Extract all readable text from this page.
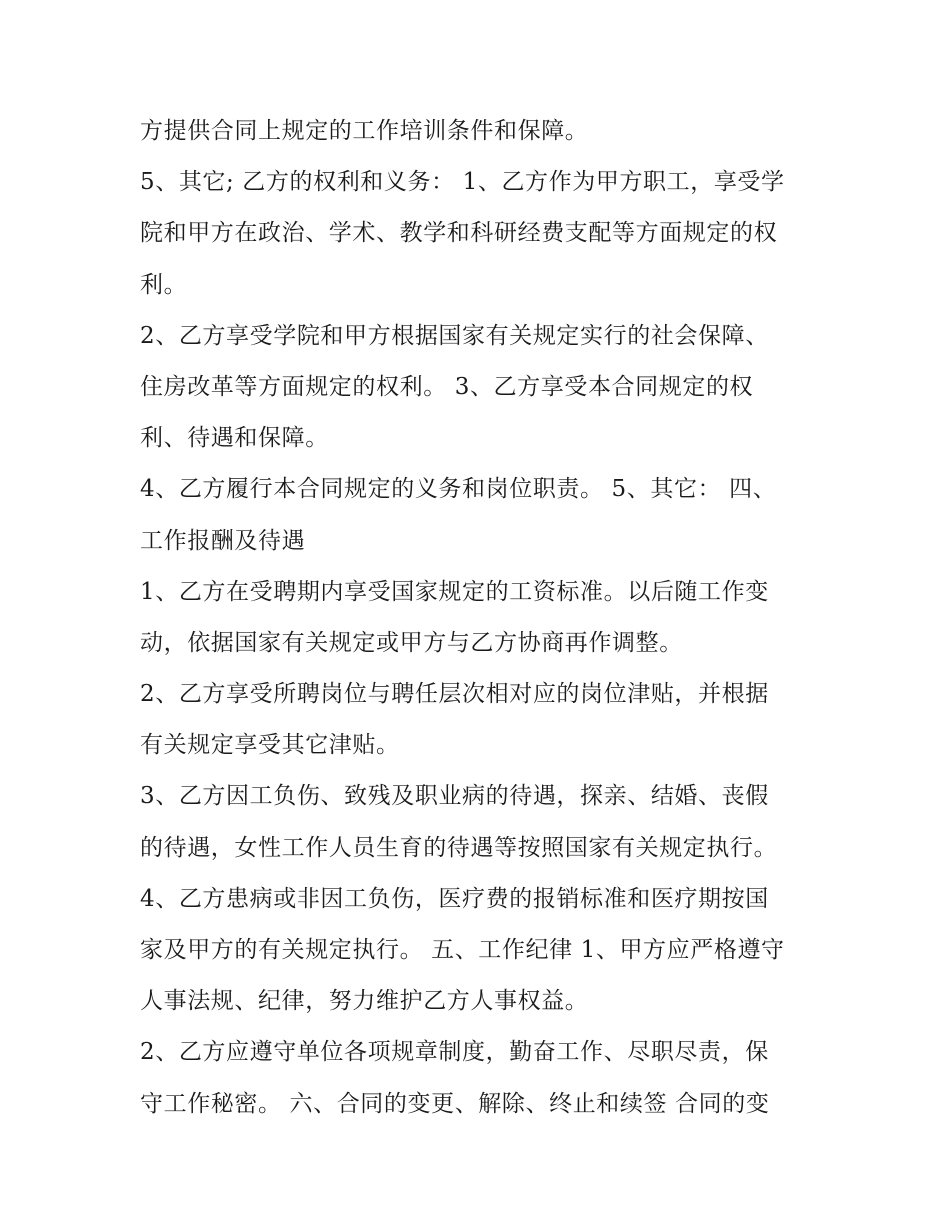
方提供合同上规定的工作培训条件和保障。
5、其它; 乙方的权利和义务： 1、乙方作为甲方职工，享受学
院和甲方在政治、学术、教学和科研经费支配等方面规定的权
利。
2、乙方享受学院和甲方根据国家有关规定实行的社会保障、
住房改革等方面规定的权利。 3、乙方享受本合同规定的权
利、待遇和保障。
4、乙方履行本合同规定的义务和岗位职责。 5、其它： 四、
工作报酬及待遇
1、乙方在受聘期内享受国家规定的工资标准。以后随工作变
动，依据国家有关规定或甲方与乙方协商再作调整。
2、乙方享受所聘岗位与聘任层次相对应的岗位津贴，并根据
有关规定享受其它津贴。
3、乙方因工负伤、致残及职业病的待遇，探亲、结婚、丧假
的待遇，女性工作人员生育的待遇等按照国家有关规定执行。
4、乙方患病或非因工负伤，医疗费的报销标准和医疗期按国
家及甲方的有关规定执行。 五、工作纪律 1、甲方应严格遵守
人事法规、纪律，努力维护乙方人事权益。
2、乙方应遵守单位各项规章制度，勤奋工作、尽职尽责，保
守工作秘密。 六、合同的变更、解除、终止和续签 合同的变
